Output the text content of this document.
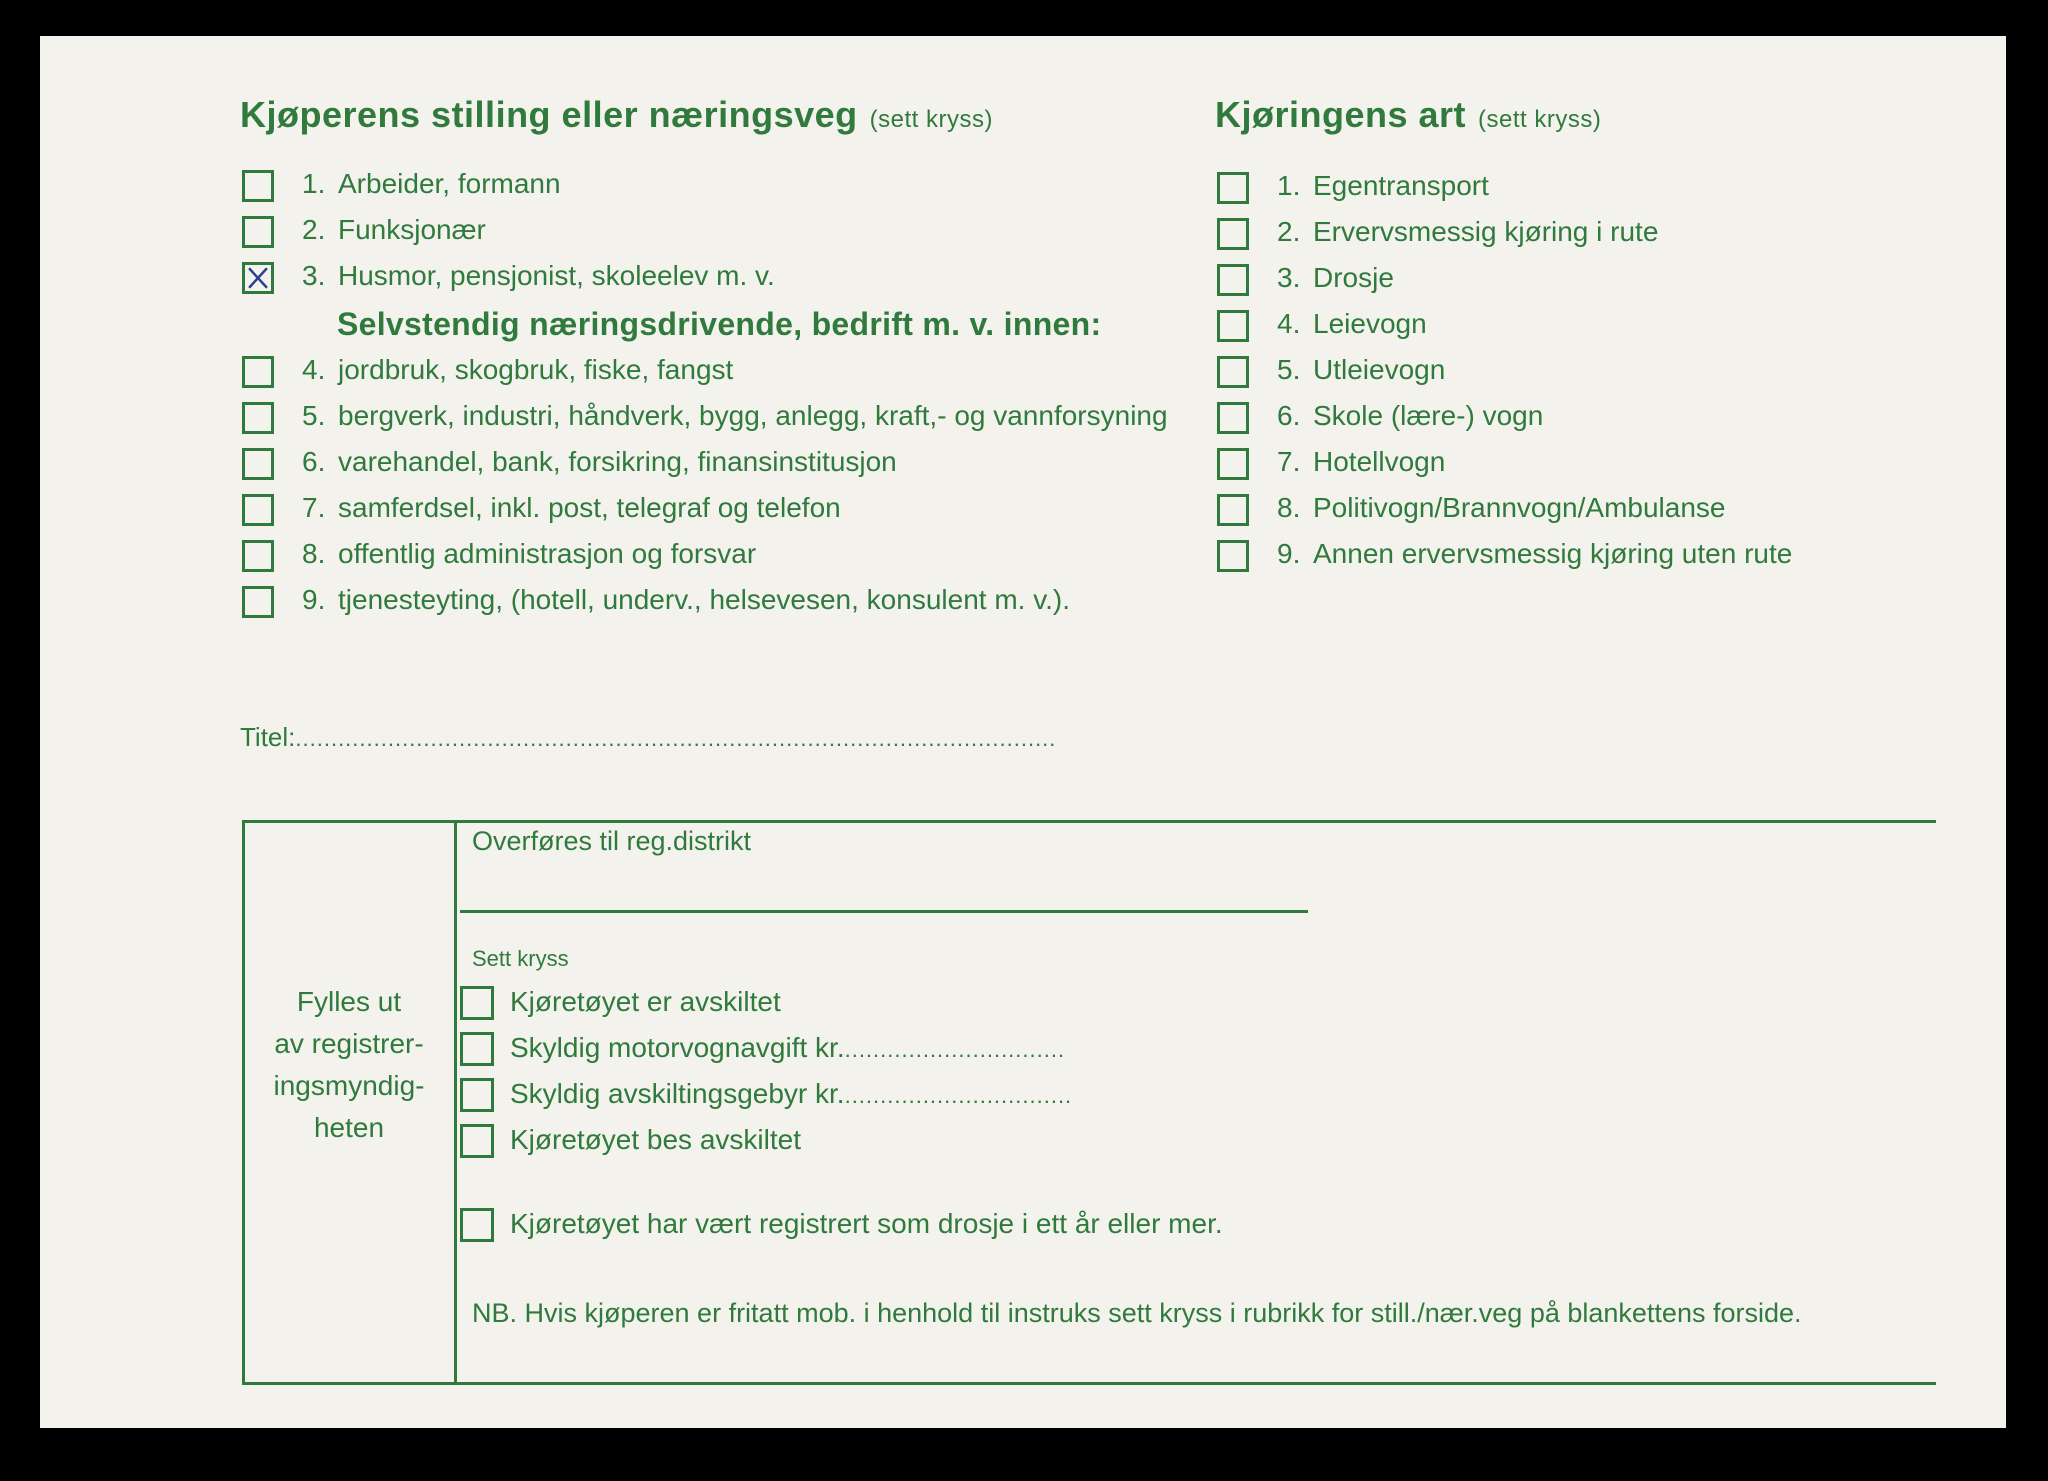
Kjøperens stilling eller næringsveg (sett kryss)
1. Arbeider, formann
2. Funksjonær
3. Husmor, pensjonist, skoleelev m. v.
Selvstendig næringsdrivende, bedrift m. v. innen:
4. jordbruk, skogbruk, fiske, fangst
5. bergverk, industri, håndverk, bygg, anlegg, kraft,- og vannforsyning
6. varehandel, bank, forsikring, finansinstitusjon
7. samferdsel, inkl. post, telegraf og telefon
8. offentlig administrasjon og forsvar
9. tjenesteyting, (hotell, underv., helsevesen, konsulent m. v.).
Kjøringens art (sett kryss)
1. Egentransport
2. Ervervsmessig kjøring i rute
3. Drosje
4. Leievogn
5. Utleievogn
6. Skole (lære-) vogn
7. Hotellvogn
8. Politivogn/Brannvogn/Ambulanse
9. Annen ervervsmessig kjøring uten rute
Titel:...........................................................................................................
Fylles ut
av registrer-
ingsmyndig-
heten
Overføres til reg.distrikt
Sett kryss
Kjøretøyet er avskiltet
Skyldig motorvognavgift kr................................
Skyldig avskiltingsgebyr kr.................................
Kjøretøyet bes avskiltet
Kjøretøyet har vært registrert som drosje i ett år eller mer.
NB. Hvis kjøperen er fritatt mob. i henhold til instruks sett kryss i rubrikk for still./nær.veg på blankettens forside.
